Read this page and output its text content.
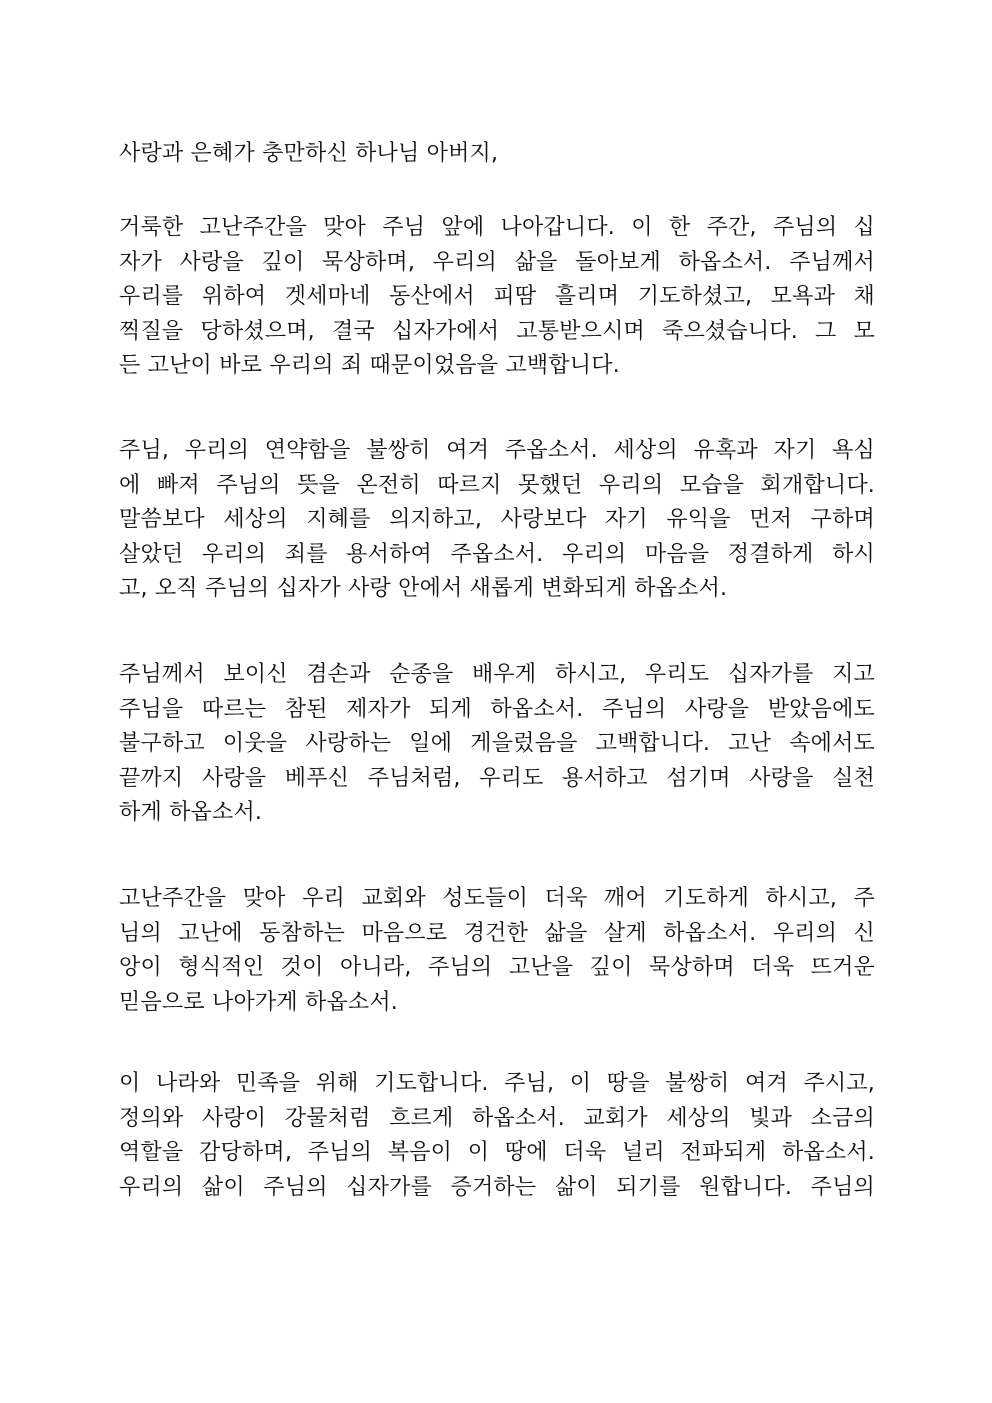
사랑과 은혜가 충만하신 하나님 아버지,
거룩한 고난주간을 맞아 주님 앞에 나아갑니다. 이 한 주간, 주님의 십
자가 사랑을 깊이 묵상하며, 우리의 삶을 돌아보게 하옵소서. 주님께서
우리를 위하여 겟세마네 동산에서 피땀 흘리며 기도하셨고, 모욕과 채
찍질을 당하셨으며, 결국 십자가에서 고통받으시며 죽으셨습니다. 그 모
든 고난이 바로 우리의 죄 때문이었음을 고백합니다.
주님, 우리의 연약함을 불쌍히 여겨 주옵소서. 세상의 유혹과 자기 욕심
에 빠져 주님의 뜻을 온전히 따르지 못했던 우리의 모습을 회개합니다.
말씀보다 세상의 지혜를 의지하고, 사랑보다 자기 유익을 먼저 구하며
살았던 우리의 죄를 용서하여 주옵소서. 우리의 마음을 정결하게 하시
고, 오직 주님의 십자가 사랑 안에서 새롭게 변화되게 하옵소서.
주님께서 보이신 겸손과 순종을 배우게 하시고, 우리도 십자가를 지고
주님을 따르는 참된 제자가 되게 하옵소서. 주님의 사랑을 받았음에도
불구하고 이웃을 사랑하는 일에 게을렀음을 고백합니다. 고난 속에서도
끝까지 사랑을 베푸신 주님처럼, 우리도 용서하고 섬기며 사랑을 실천
하게 하옵소서.
고난주간을 맞아 우리 교회와 성도들이 더욱 깨어 기도하게 하시고, 주
님의 고난에 동참하는 마음으로 경건한 삶을 살게 하옵소서. 우리의 신
앙이 형식적인 것이 아니라, 주님의 고난을 깊이 묵상하며 더욱 뜨거운
믿음으로 나아가게 하옵소서.
이 나라와 민족을 위해 기도합니다. 주님, 이 땅을 불쌍히 여겨 주시고,
정의와 사랑이 강물처럼 흐르게 하옵소서. 교회가 세상의 빛과 소금의
역할을 감당하며, 주님의 복음이 이 땅에 더욱 널리 전파되게 하옵소서.
우리의 삶이 주님의 십자가를 증거하는 삶이 되기를 원합니다. 주님의
